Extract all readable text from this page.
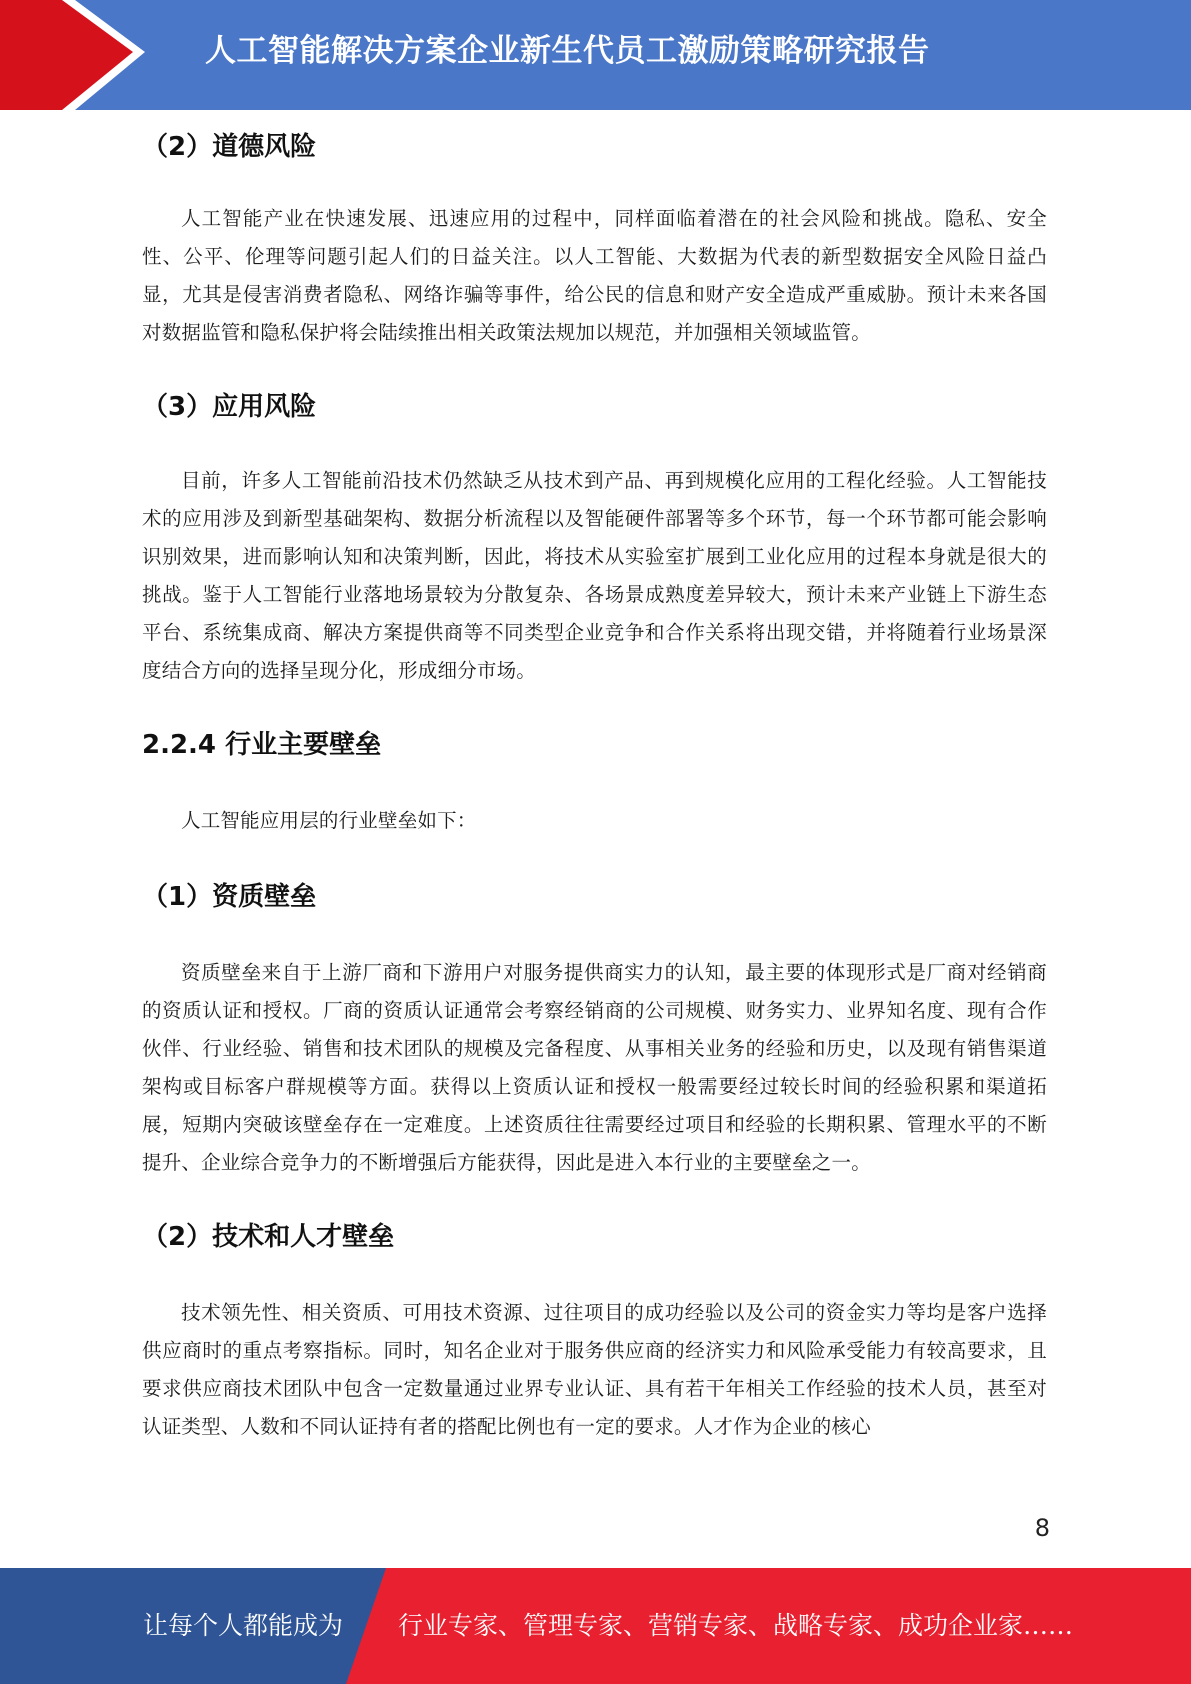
人工智能解决方案企业新生代员工激励策略研究报告
（2）道德风险

人工智能产业在快速发展、迅速应用的过程中，同样面临着潜在的社会风险和挑战。隐私、安全性、公平、伦理等问题引起人们的日益关注。以人工智能、大数据为代表的新型数据安全风险日益凸显，尤其是侵害消费者隐私、网络诈骗等事件，给公民的信息和财产安全造成严重威胁。预计未来各国对数据监管和隐私保护将会陆续推出相关政策法规加以规范，并加强相关领域监管。

（3）应用风险

目前，许多人工智能前沿技术仍然缺乏从技术到产品、再到规模化应用的工程化经验。人工智能技术的应用涉及到新型基础架构、数据分析流程以及智能硬件部署等多个环节，每一个环节都可能会影响识别效果，进而影响认知和决策判断，因此，将技术从实验室扩展到工业化应用的过程本身就是很大的挑战。鉴于人工智能行业落地场景较为分散复杂、各场景成熟度差异较大，预计未来产业链上下游生态平台、系统集成商、解决方案提供商等不同类型企业竞争和合作关系将出现交错，并将随着行业场景深度结合方向的选择呈现分化，形成细分市场。

2.2.4 行业主要壁垒

人工智能应用层的行业壁垒如下：

（1）资质壁垒

资质壁垒来自于上游厂商和下游用户对服务提供商实力的认知，最主要的体现形式是厂商对经销商的资质认证和授权。厂商的资质认证通常会考察经销商的公司规模、财务实力、业界知名度、现有合作伙伴、行业经验、销售和技术团队的规模及完备程度、从事相关业务的经验和历史，以及现有销售渠道架构或目标客户群规模等方面。获得以上资质认证和授权一般需要经过较长时间的经验积累和渠道拓展，短期内突破该壁垒存在一定难度。上述资质往往需要经过项目和经验的长期积累、管理水平的不断提升、企业综合竞争力的不断增强后方能获得，因此是进入本行业的主要壁垒之一。

（2）技术和人才壁垒

技术领先性、相关资质、可用技术资源、过往项目的成功经验以及公司的资金实力等均是客户选择供应商时的重点考察指标。同时，知名企业对于服务供应商的经济实力和风险承受能力有较高要求，且要求供应商技术团队中包含一定数量通过业界专业认证、具有若干年相关工作经验的技术人员，甚至对认证类型、人数和不同认证持有者的搭配比例也有一定的要求。人才作为企业的核心

8
让每个人都能成为 行业专家、管理专家、营销专家、战略专家、成功企业家……
